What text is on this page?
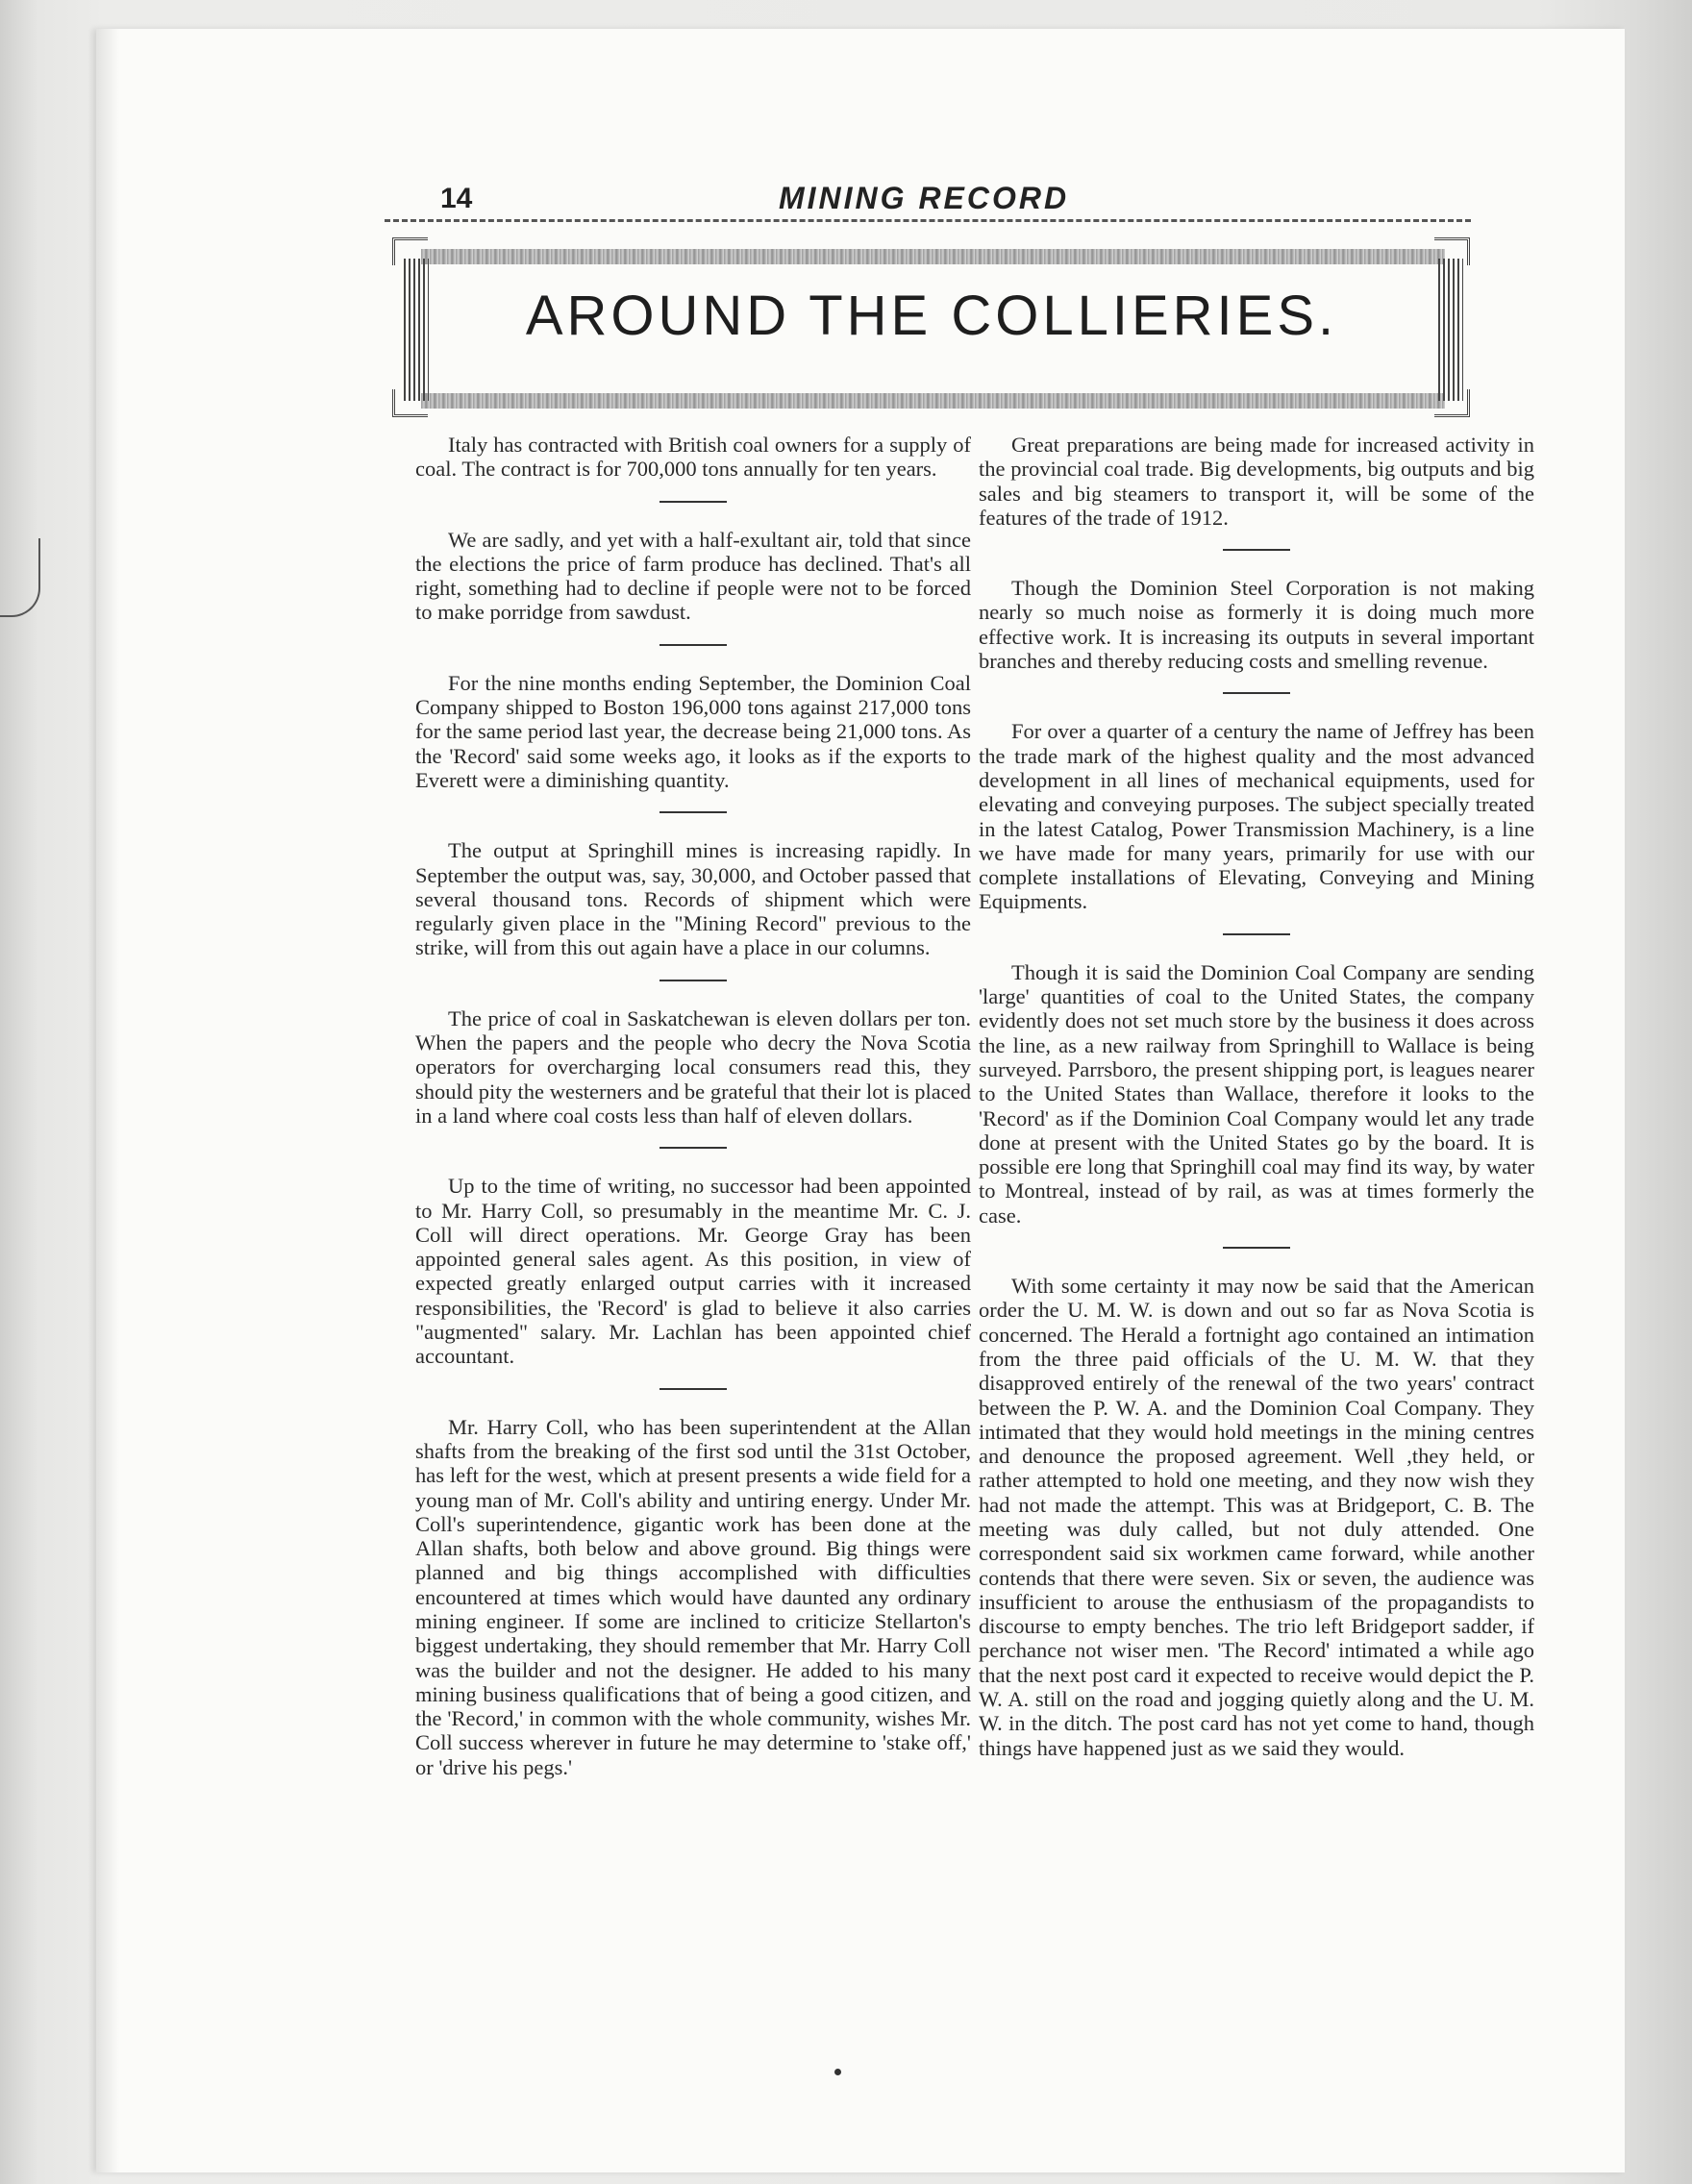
14	MINING RECORD
AROUND THE COLLIERIES.

Italy has contracted with British coal owners for a supply of coal. The contract is for 700,000 tons annually for ten years.

We are sadly, and yet with a half-exultant air, told that since the elections the price of farm produce has declined. That's all right, something had to decline if people were not to be forced to make porridge from sawdust.

For the nine months ending September, the Dominion Coal Company shipped to Boston 196,000 tons against 217,000 tons for the same period last year, the decrease being 21,000 tons. As the 'Record' said some weeks ago, it looks as if the exports to Everett were a diminishing quantity.

The output at Springhill mines is increasing rapidly. In September the output was, say, 30,000, and October passed that several thousand tons. Records of shipment which were regularly given place in the "Mining Record" previous to the strike, will from this out again have a place in our columns.

The price of coal in Saskatchewan is eleven dollars per ton. When the papers and the people who decry the Nova Scotia operators for overcharging local consumers read this, they should pity the westerners and be grateful that their lot is placed in a land where coal costs less than half of eleven dollars.

Up to the time of writing, no successor had been appointed to Mr. Harry Coll, so presumably in the meantime Mr. C. J. Coll will direct operations. Mr. George Gray has been appointed general sales agent. As this position, in view of expected greatly enlarged output carries with it increased responsibilities, the 'Record' is glad to believe it also carries "augmented" salary. Mr. Lachlan has been appointed chief accountant.

Mr. Harry Coll, who has been superintendent at the Allan shafts from the breaking of the first sod until the 31st October, has left for the west, which at present presents a wide field for a young man of Mr. Coll's ability and untiring energy. Under Mr. Coll's superintendence, gigantic work has been done at the Allan shafts, both below and above ground. Big things were planned and big things accomplished with difficulties encountered at times which would have daunted any ordinary mining engineer. If some are inclined to criticize Stellarton's biggest undertaking, they should remember that Mr. Harry Coll was the builder and not the designer. He added to his many mining business qualifications that of being a good citizen, and the 'Record,' in common with the whole community, wishes Mr. Coll success wherever in future he may determine to 'stake off,' or 'drive his pegs.'

Great preparations are being made for increased activity in the provincial coal trade. Big developments, big outputs and big sales and big steamers to transport it, will be some of the features of the trade of 1912.

Though the Dominion Steel Corporation is not making nearly so much noise as formerly it is doing much more effective work. It is increasing its outputs in several important branches and thereby reducing costs and smelling revenue.

For over a quarter of a century the name of Jeffrey has been the trade mark of the highest quality and the most advanced development in all lines of mechanical equipments, used for elevating and conveying purposes. The subject specially treated in the latest Catalog, Power Transmission Machinery, is a line we have made for many years, primarily for use with our complete installations of Elevating, Conveying and Mining Equipments.

Though it is said the Dominion Coal Company are sending 'large' quantities of coal to the United States, the company evidently does not set much store by the business it does across the line, as a new railway from Springhill to Wallace is being surveyed. Parrsboro, the present shipping port, is leagues nearer to the United States than Wallace, therefore it looks to the 'Record' as if the Dominion Coal Company would let any trade done at present with the United States go by the board. It is possible ere long that Springhill coal may find its way, by water to Montreal, instead of by rail, as was at times formerly the case.

With some certainty it may now be said that the American order the U. M. W. is down and out so far as Nova Scotia is concerned. The Herald a fortnight ago contained an intimation from the three paid officials of the U. M. W. that they disapproved entirely of the renewal of the two years' contract between the P. W. A. and the Dominion Coal Company. They intimated that they would hold meetings in the mining centres and denounce the proposed agreement. Well ,they held, or rather attempted to hold one meeting, and they now wish they had not made the attempt. This was at Bridgeport, C. B. The meeting was duly called, but not duly attended. One correspondent said six workmen came forward, while another contends that there were seven. Six or seven, the audience was insufficient to arouse the enthusiasm of the propagandists to discourse to empty benches. The trio left Bridgeport sadder, if perchance not wiser men. 'The Record' intimated a while ago that the next post card it expected to receive would depict the P. W. A. still on the road and jogging quietly along and the U. M. W. in the ditch. The post card has not yet come to hand, though things have happened just as we said they would.
